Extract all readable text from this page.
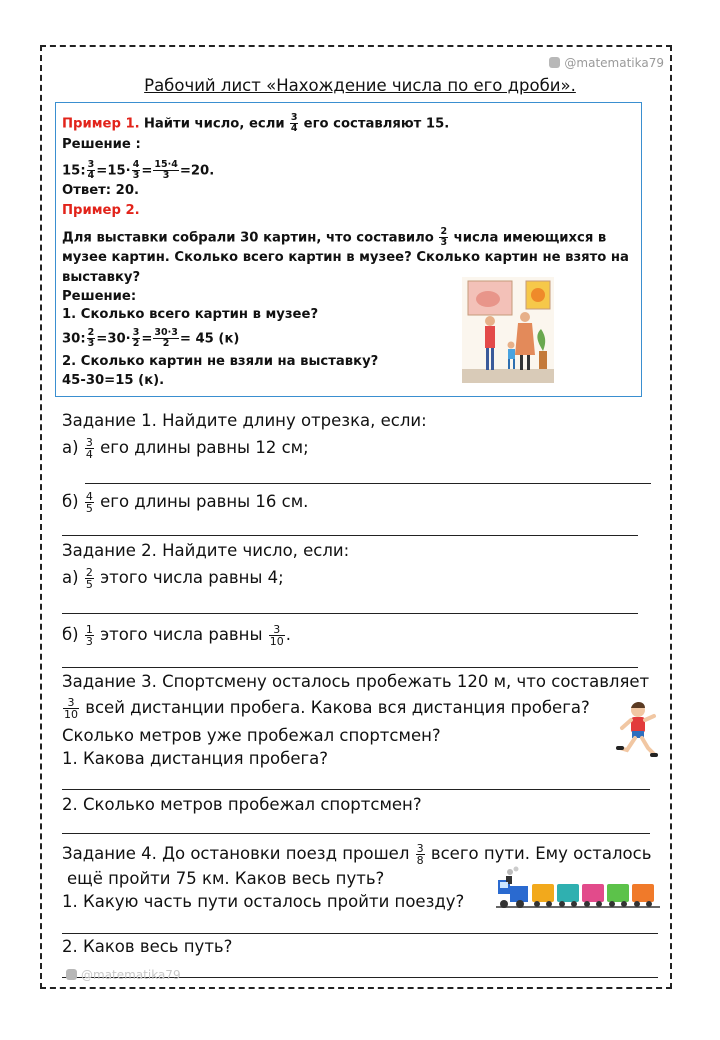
@matematika79
Рабочий лист «Нахождение числа по его дроби».
Пример 1. Найти число, если $\frac{3}{4}$ его составляют 15.
Решение :
15: $\frac{3}{4} =15\cdot \frac{4}{3} = \frac{15\cdot 4}{3} =20$.
Ответ: 20.
Пример 2.
Для выставки собрали 30 картин, что составило $\frac{2}{3}$ числа имеющихся в
музее картин. Сколько всего картин в музее? Сколько картин не взято на
выставку?
Решение:
1. Сколько всего картин в музее?
30: $\frac{2}{3} =30\cdot \frac{3}{2} = \frac{30\cdot 3}{2} = 45$ (к)
2. Сколько картин не взяли на выставку?
45-30=15 (к).
Задание 1. Найдите длину отрезка, если:
$а) \frac{3}{4}$ его длины равны 12 см;
$б) \frac{4}{5}$ его длины равны 16 см.
Задание 2. Найдите число, если:
$а) \frac{2}{5}$ этого числа равны 4;
$б) \frac{1}{3}$ этого числа равны $\frac{3}{10}$ .
Задание 3. Спортсмену осталось пробежать 120 м, что составляет
$\frac{3}{10}$ всей дистанции пробега. Какова вся дистанция пробега?
Сколько метров уже пробежал спортсмен?
1. Какова дистанция пробега?
2. Сколько метров пробежал спортсмен?
Задание 4. До остановки поезд прошел $\frac{3}{8}$ всего пути. Ему осталось
ещё пройти 75 км. Каков весь путь?
1. Какую часть пути осталось пройти поезду?
2. Каков весь путь?
@matematika79
